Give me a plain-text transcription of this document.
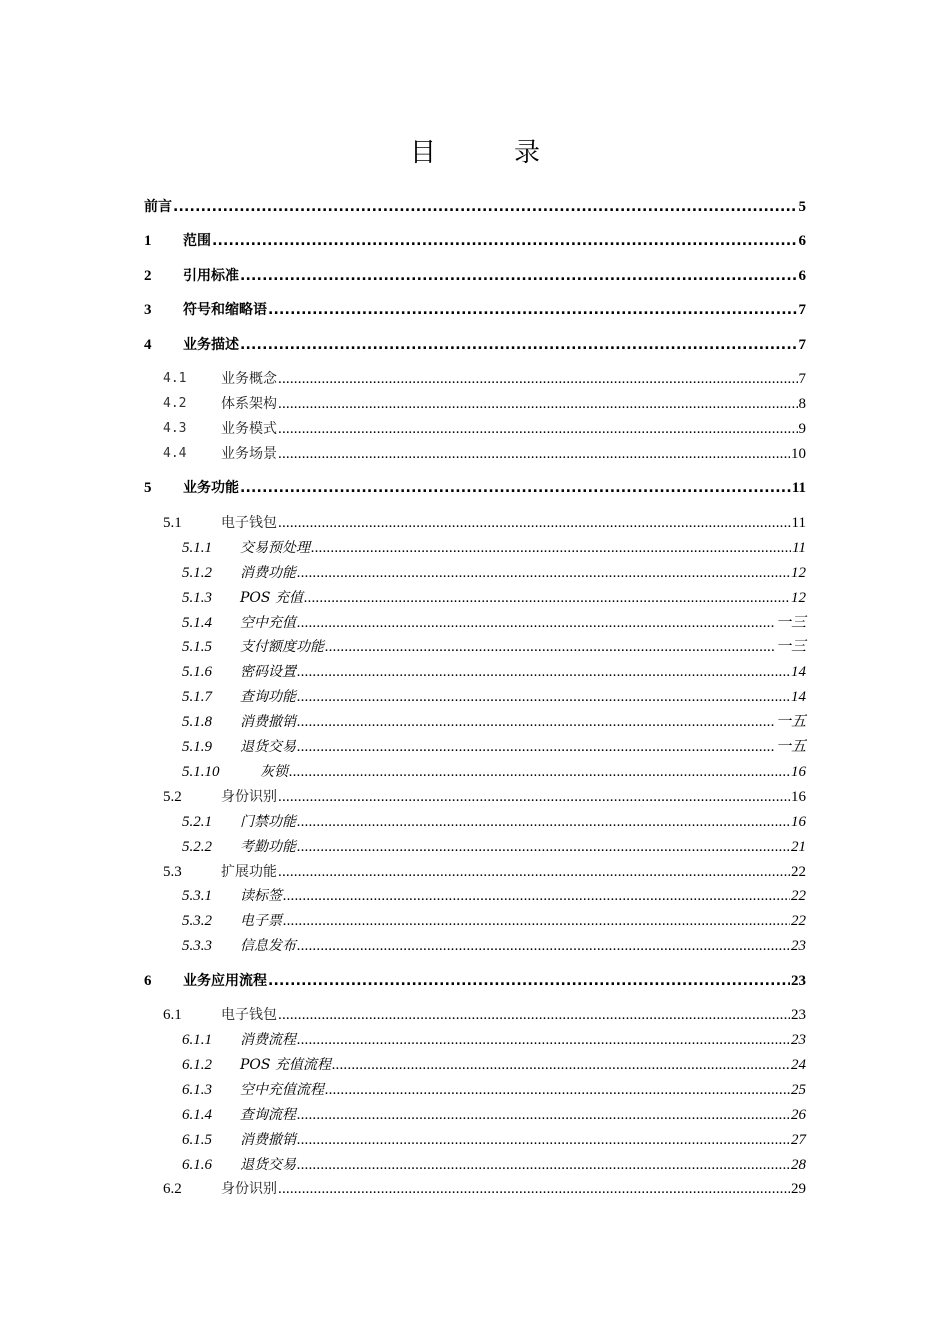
目　录
前言 .....	5
1	范围 .....	6
2	引用标准 .....	6
3	符号和缩略语 .....	7
4	业务描述 .....	7
4.1	业务概念 .....	7
4.2	体系架构 .....	8
4.3	业务模式 .....	9
4.4	业务场景 .....	10
5	业务功能 .....	11
5.1	电子钱包 .....	11
5.1.1	交易预处理 .....	11
5.1.2	消费功能 .....	12
5.1.3	POS 充值 .....	12
5.1.4	空中充值 .....	一三
5.1.5	支付额度功能 .....	一三
5.1.6	密码设置 .....	14
5.1.7	查询功能 .....	14
5.1.8	消费撤销 .....	一五
5.1.9	退货交易 .....	一五
5.1.10	灰锁 .....	16
5.2	身份识别 .....	16
5.2.1	门禁功能 .....	16
5.2.2	考勤功能 .....	21
5.3	扩展功能 .....	22
5.3.1	读标签 .....	22
5.3.2	电子票 .....	22
5.3.3	信息发布 .....	23
6	业务应用流程 .....	23
6.1	电子钱包 .....	23
6.1.1	消费流程 .....	23
6.1.2	POS 充值流程 .....	24
6.1.3	空中充值流程 .....	25
6.1.4	查询流程 .....	26
6.1.5	消费撤销 .....	27
6.1.6	退货交易 .....	28
6.2	身份识别 .....	29
